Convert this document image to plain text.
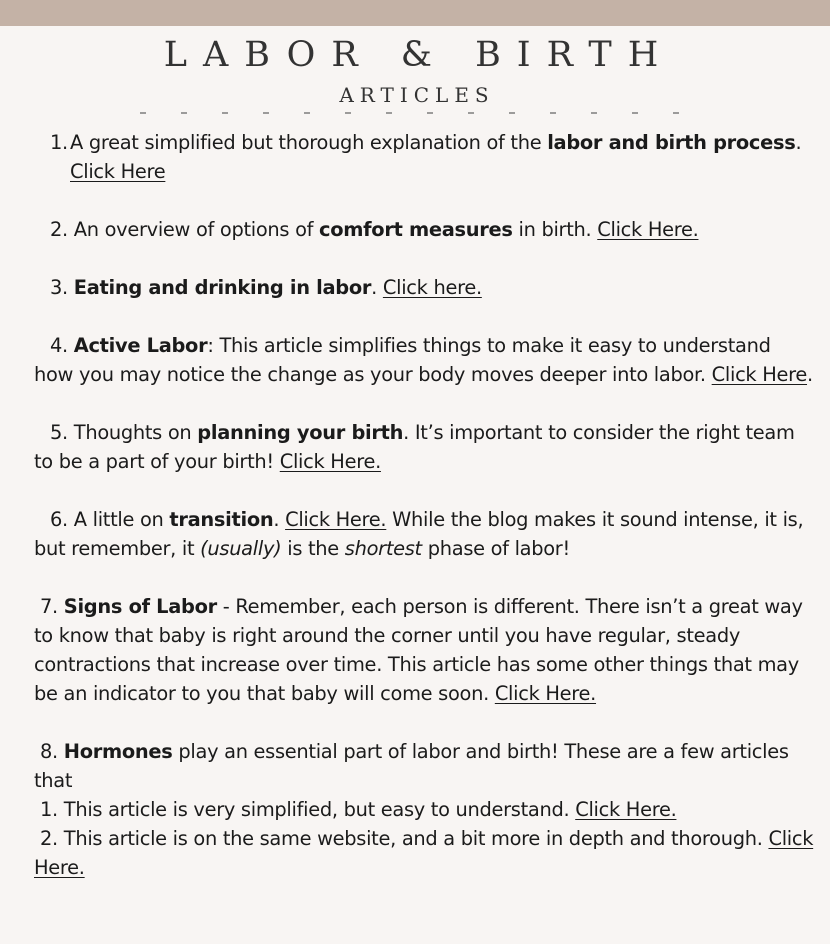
LABOR & BIRTH
ARTICLES
1. A great simplified but thorough explanation of the labor and birth process. Click Here
2. An overview of options of comfort measures in birth. Click Here.
3. Eating and drinking in labor. Click here.
4. Active Labor: This article simplifies things to make it easy to understand how you may notice the change as your body moves deeper into labor. Click Here.
5. Thoughts on planning your birth. It’s important to consider the right team to be a part of your birth! Click Here.
6. A little on transition. Click Here. While the blog makes it sound intense, it is, but remember, it (usually) is the shortest phase of labor!
7. Signs of Labor - Remember, each person is different. There isn’t a great way to know that baby is right around the corner until you have regular, steady contractions that increase over time. This article has some other things that may be an indicator to you that baby will come soon. Click Here.
8. Hormones play an essential part of labor and birth! These are a few articles that
1. This article is very simplified, but easy to understand. Click Here.
2. This article is on the same website, and a bit more in depth and thorough. Click Here.
